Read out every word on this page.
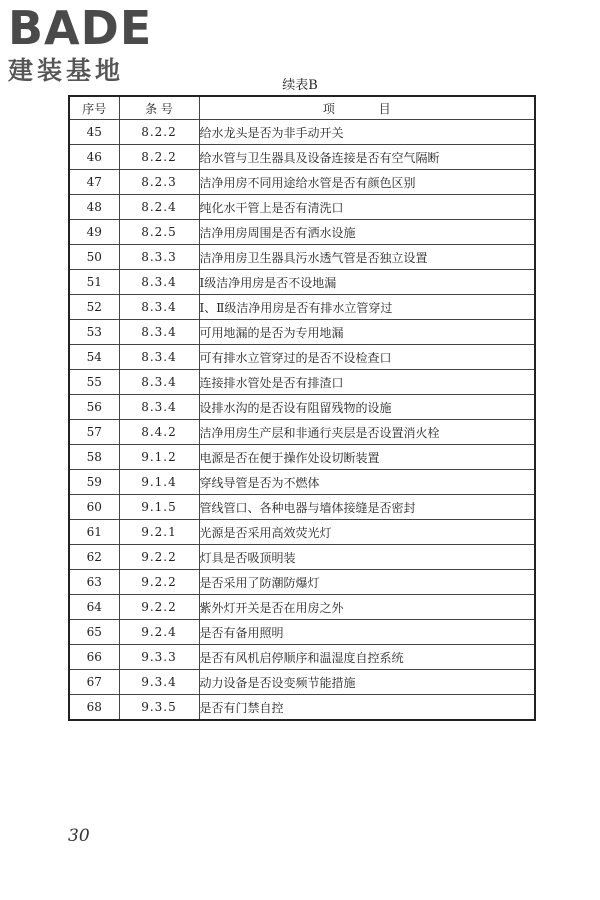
BADE
建装基地
续表B
序号	条 号	项 目
45	8.2.2	给水龙头是否为非手动开关
46	8.2.2	给水管与卫生器具及设备连接是否有空气隔断
47	8.2.3	洁净用房不同用途给水管是否有颜色区别
48	8.2.4	纯化水干管上是否有清洗口
49	8.2.5	洁净用房周围是否有洒水设施
50	8.3.3	洁净用房卫生器具污水透气管是否独立设置
51	8.3.4	Ⅰ级洁净用房是否不设地漏
52	8.3.4	Ⅰ、Ⅱ级洁净用房是否有排水立管穿过
53	8.3.4	可用地漏的是否为专用地漏
54	8.3.4	可有排水立管穿过的是否不设检查口
55	8.3.4	连接排水管处是否有排渣口
56	8.3.4	设排水沟的是否设有阻留残物的设施
57	8.4.2	洁净用房生产层和非通行夹层是否设置消火栓
58	9.1.2	电源是否在便于操作处设切断装置
59	9.1.4	穿线导管是否为不燃体
60	9.1.5	管线管口、各种电器与墙体接缝是否密封
61	9.2.1	光源是否采用高效荧光灯
62	9.2.2	灯具是否吸顶明装
63	9.2.2	是否采用了防潮防爆灯
64	9.2.2	紫外灯开关是否在用房之外
65	9.2.4	是否有备用照明
66	9.3.3	是否有风机启停顺序和温湿度自控系统
67	9.3.4	动力设备是否设变频节能措施
68	9.3.5	是否有门禁自控
30
